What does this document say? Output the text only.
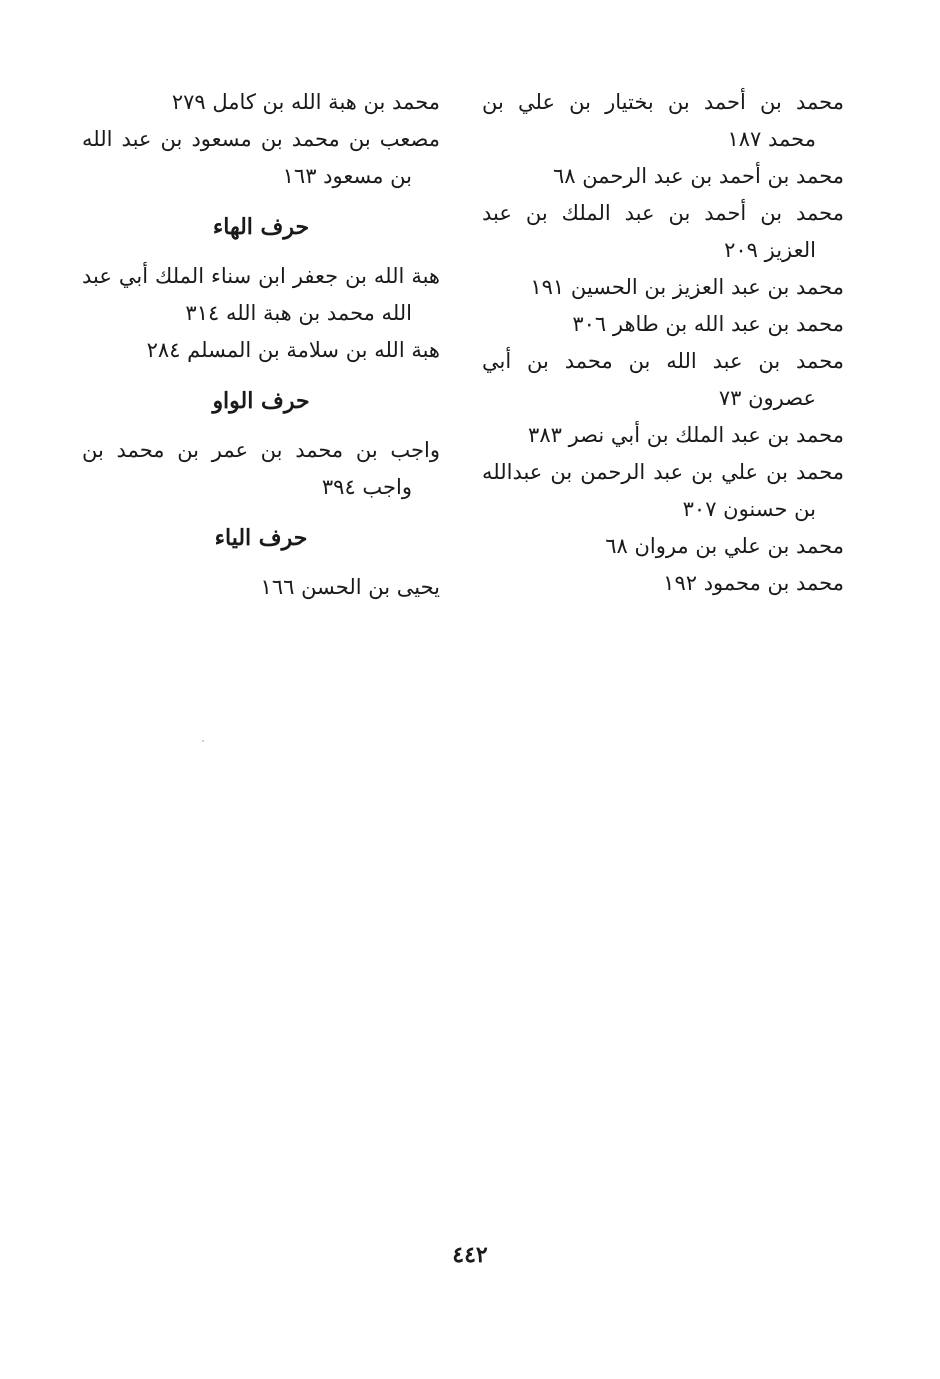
محمد بن أحمد بن بختيار بن علي بن محمد ١٨٧

محمد بن أحمد بن عبد الرحمن ٦٨

محمد بن أحمد بن عبد الملك بن عبد العزيز ٢٠٩

محمد بن عبد العزيز بن الحسين ١٩١

محمد بن عبد الله بن طاهر ٣٠٦

محمد بن عبد الله بن محمد بن أبي عصرون ٧٣

محمد بن عبد الملك بن أبي نصر ٣٨٣

محمد بن علي بن عبد الرحمن بن عبدالله بن حسنون ٣٠٧

محمد بن علي بن مروان ٦٨

محمد بن محمود ١٩٢

محمد بن هبة الله بن كامل ٢٧٩

مصعب بن محمد بن مسعود بن عبد الله بن مسعود ١٦٣

حرف الهاء

هبة الله بن جعفر ابن سناء الملك أبي عبد الله محمد بن هبة الله ٣١٤

هبة الله بن سلامة بن المسلم ٢٨٤

حرف الواو

واجب بن محمد بن عمر بن محمد بن واجب ٣٩٤

حرف الياء

يحيى بن الحسن ١٦٦

٤٤٢
